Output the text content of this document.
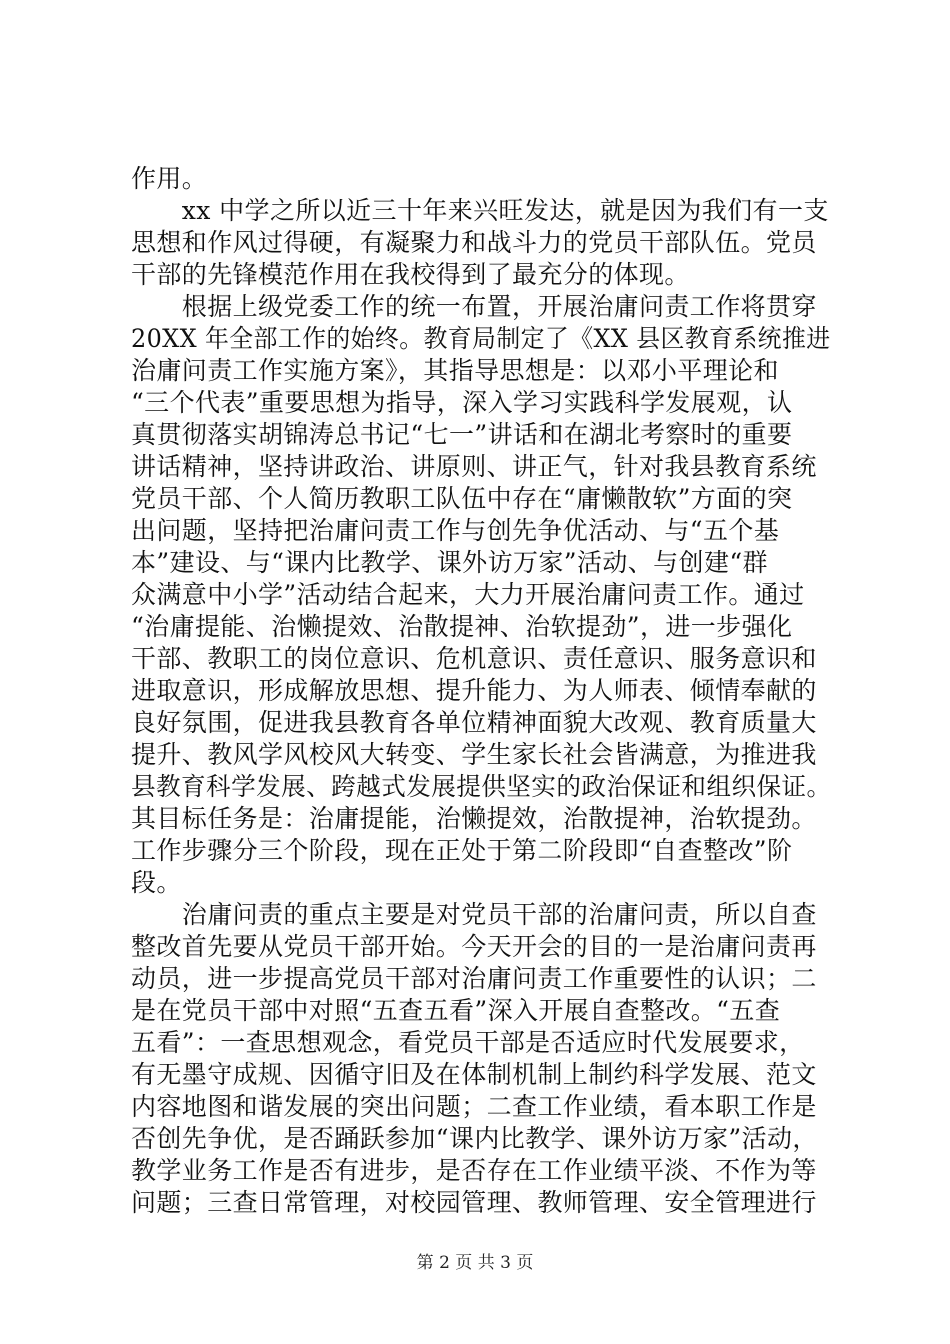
作用。
　　xx 中学之所以近三十年来兴旺发达，就是因为我们有一支
思想和作风过得硬，有凝聚力和战斗力的党员干部队伍。党员
干部的先锋模范作用在我校得到了最充分的体现。
　　根据上级党委工作的统一布置，开展治庸问责工作将贯穿
20XX 年全部工作的始终。教育局制定了《XX 县区教育系统推进
治庸问责工作实施方案》，其指导思想是：以邓小平理论和
“三个代表”重要思想为指导，深入学习实践科学发展观，认
真贯彻落实胡锦涛总书记“七一”讲话和在湖北考察时的重要
讲话精神，坚持讲政治、讲原则、讲正气，针对我县教育系统
党员干部、个人简历教职工队伍中存在“庸懒散软”方面的突
出问题，坚持把治庸问责工作与创先争优活动、与“五个基
本”建设、与“课内比教学、课外访万家”活动、与创建“群
众满意中小学”活动结合起来，大力开展治庸问责工作。通过
“治庸提能、治懒提效、治散提神、治软提劲”，进一步强化
干部、教职工的岗位意识、危机意识、责任意识、服务意识和
进取意识，形成解放思想、提升能力、为人师表、倾情奉献的
良好氛围，促进我县教育各单位精神面貌大改观、教育质量大
提升、教风学风校风大转变、学生家长社会皆满意，为推进我
县教育科学发展、跨越式发展提供坚实的政治保证和组织保证。
其目标任务是：治庸提能，治懒提效，治散提神，治软提劲。
工作步骤分三个阶段，现在正处于第二阶段即“自查整改”阶
段。
　　治庸问责的重点主要是对党员干部的治庸问责，所以自查
整改首先要从党员干部开始。今天开会的目的一是治庸问责再
动员，进一步提高党员干部对治庸问责工作重要性的认识；二
是在党员干部中对照“五查五看”深入开展自查整改。“五查
五看”：一查思想观念，看党员干部是否适应时代发展要求，
有无墨守成规、因循守旧及在体制机制上制约科学发展、范文
内容地图和谐发展的突出问题；二查工作业绩，看本职工作是
否创先争优，是否踊跃参加“课内比教学、课外访万家”活动，
教学业务工作是否有进步，是否存在工作业绩平淡、不作为等
问题；三查日常管理，对校园管理、教师管理、安全管理进行
第 2 页 共 3 页
